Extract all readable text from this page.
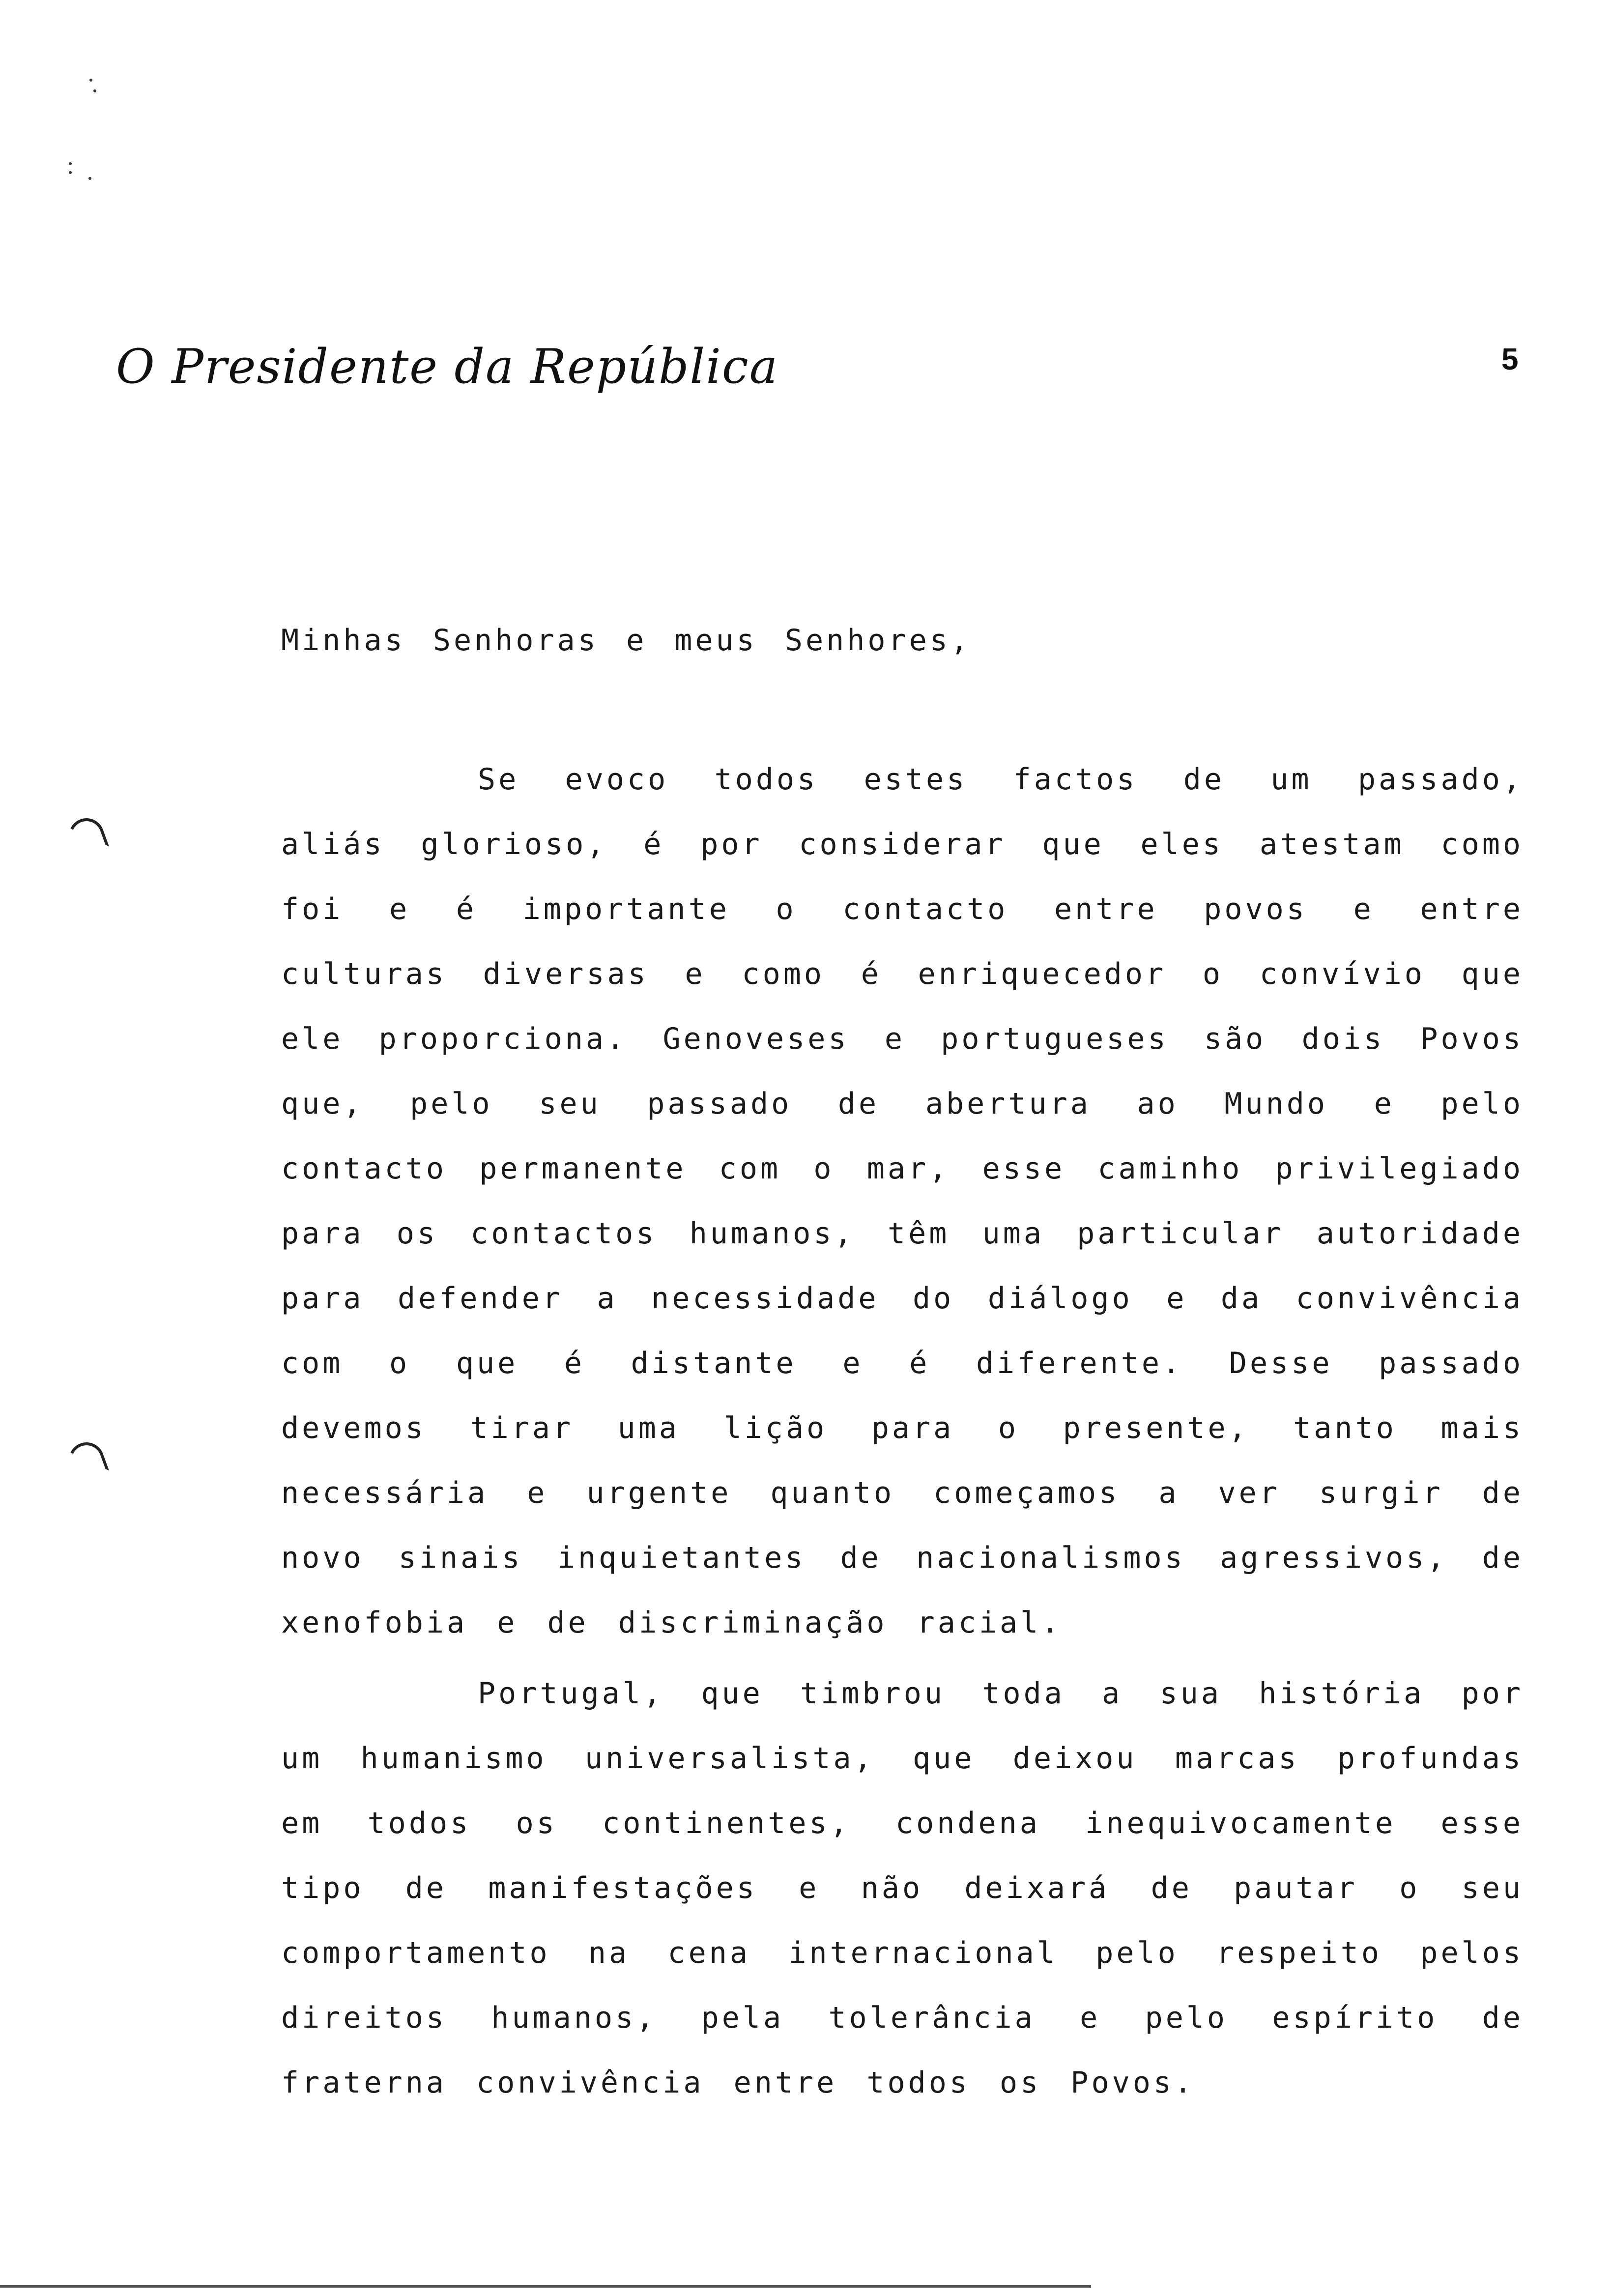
O Presidente da República	5
Minhas Senhoras e meus Senhores,

Se evoco todos estes factos de um passado, aliás glorioso, é por considerar que eles atestam como foi e é importante o contacto entre povos e entre culturas diversas e como é enriquecedor o convívio que ele proporciona. Genoveses e portugueses são dois Povos que, pelo seu passado de abertura ao Mundo e pelo contacto permanente com o mar, esse caminho privilegiado para os contactos humanos, têm uma particular autoridade para defender a necessidade do diálogo e da convivência com o que é distante e é diferente. Desse passado devemos tirar uma lição para o presente, tanto mais necessária e urgente quanto começamos a ver surgir de novo sinais inquietantes de nacionalismos agressivos, de xenofobia e de discriminação racial.

Portugal, que timbrou toda a sua história por um humanismo universalista, que deixou marcas profundas em todos os continentes, condena inequivocamente esse tipo de manifestações e não deixará de pautar o seu comportamento na cena internacional pelo respeito pelos direitos humanos, pela tolerância e pelo espírito de fraterna convivência entre todos os Povos.
